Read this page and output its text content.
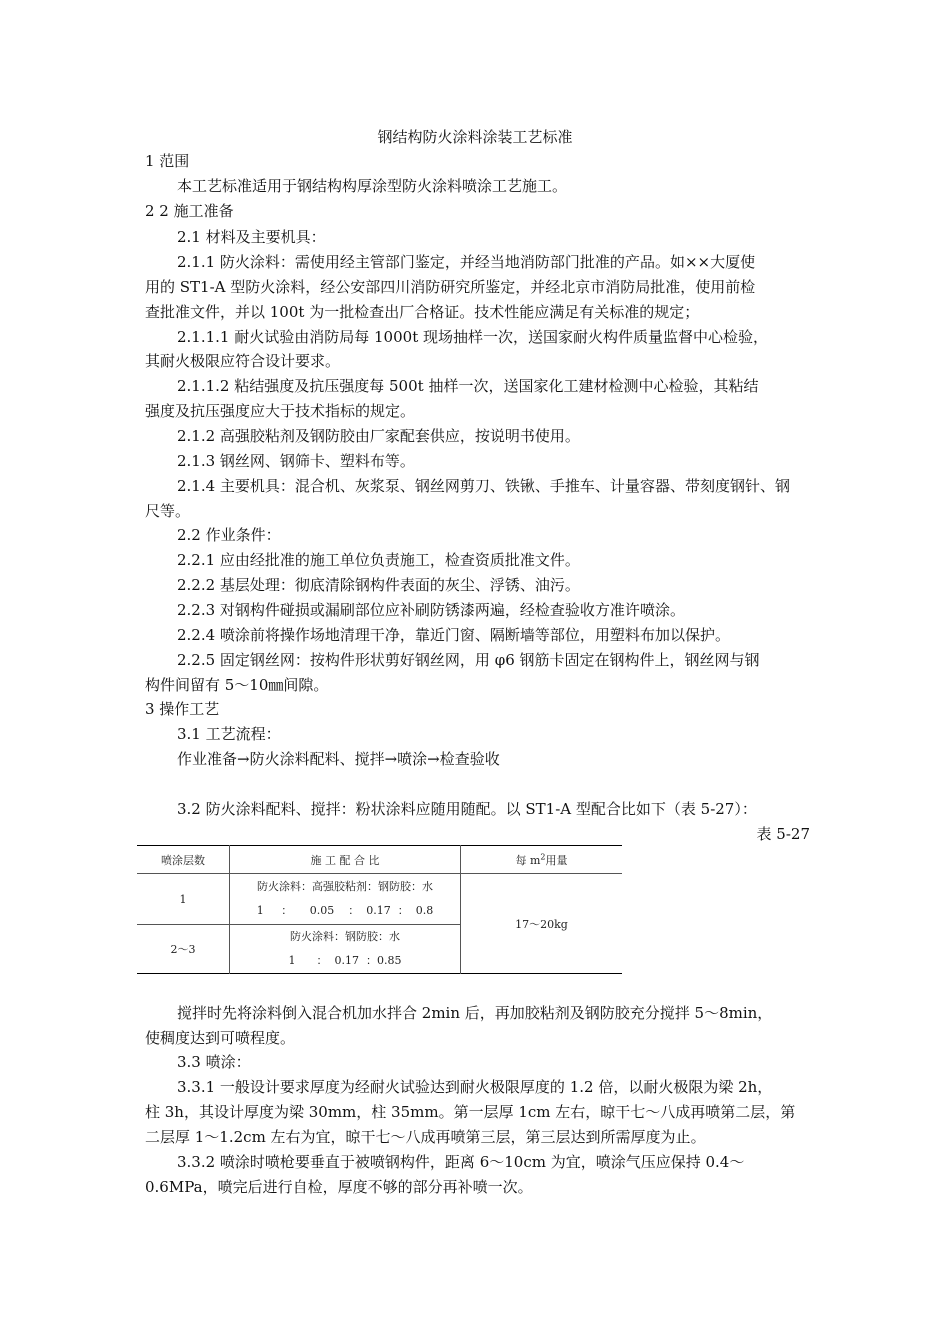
钢结构防火涂料涂装工艺标准
1 范围
本工艺标准适用于钢结构构厚涂型防火涂料喷涂工艺施工。
2 2 施工准备
2.1 材料及主要机具：
2.1.1 防火涂料：需使用经主管部门鉴定，并经当地消防部门批准的产品。如××大厦使
用的 ST1-A 型防火涂料，经公安部四川消防研究所鉴定，并经北京市消防局批准，使用前检
查批准文件，并以 100t 为一批检查出厂合格证。技术性能应满足有关标准的规定；
2.1.1.1 耐火试验由消防局每 1000t 现场抽样一次，送国家耐火构件质量监督中心检验，
其耐火极限应符合设计要求。
2.1.1.2 粘结强度及抗压强度每 500t 抽样一次，送国家化工建材检测中心检验，其粘结
强度及抗压强度应大于技术指标的规定。
2.1.2 高强胶粘剂及钢防胶由厂家配套供应，按说明书使用。
2.1.3 钢丝网、钢筛卡、塑料布等。
2.1.4 主要机具：混合机、灰浆泵、钢丝网剪刀、铁锹、手推车、计量容器、带刻度钢针、钢
尺等。
2.2 作业条件：
2.2.1 应由经批准的施工单位负责施工，检查资质批准文件。
2.2.2 基层处理：彻底清除钢构件表面的灰尘、浮锈、油污。
2.2.3 对钢构件碰损或漏刷部位应补刷防锈漆两遍，经检查验收方准许喷涂。
2.2.4 喷涂前将操作场地清理干净，靠近门窗、隔断墙等部位，用塑料布加以保护。
2.2.5 固定钢丝网：按构件形状剪好钢丝网，用 φ6 钢筋卡固定在钢构件上，钢丝网与钢
构件间留有 5～10㎜间隙。
3 操作工艺
3.1 工艺流程：
作业准备→防火涂料配料、搅拌→喷涂→检查验收
3.2 防火涂料配料、搅拌：粉状涂料应随用随配。以 ST1-A 型配合比如下（表 5-27）：
表 5-27
喷涂层数	施 工 配 合 比	每 $m^2$用量
1	防火涂料：高强胶粘剂：钢防胶：水
1     ：     0.05    ：  0.17  ：  0.8	17～20kg
2～3	防火涂料：钢防胶：水
1      ：  0.17  ：0.85	
搅拌时先将涂料倒入混合机加水拌合 2min 后，再加胶粘剂及钢防胶充分搅拌 5～8min，
使稠度达到可喷程度。
3.3 喷涂：
3.3.1 一般设计要求厚度为经耐火试验达到耐火极限厚度的 1.2 倍，以耐火极限为梁 2h，
柱 3h，其设计厚度为梁 30mm，柱 35mm。第一层厚 1cm 左右，晾干七～八成再喷第二层，第
二层厚 1～1.2cm 左右为宜，晾干七～八成再喷第三层，第三层达到所需厚度为止。
3.3.2 喷涂时喷枪要垂直于被喷钢构件，距离 6～10cm 为宜，喷涂气压应保持 0.4～
0.6MPa，喷完后进行自检，厚度不够的部分再补喷一次。
